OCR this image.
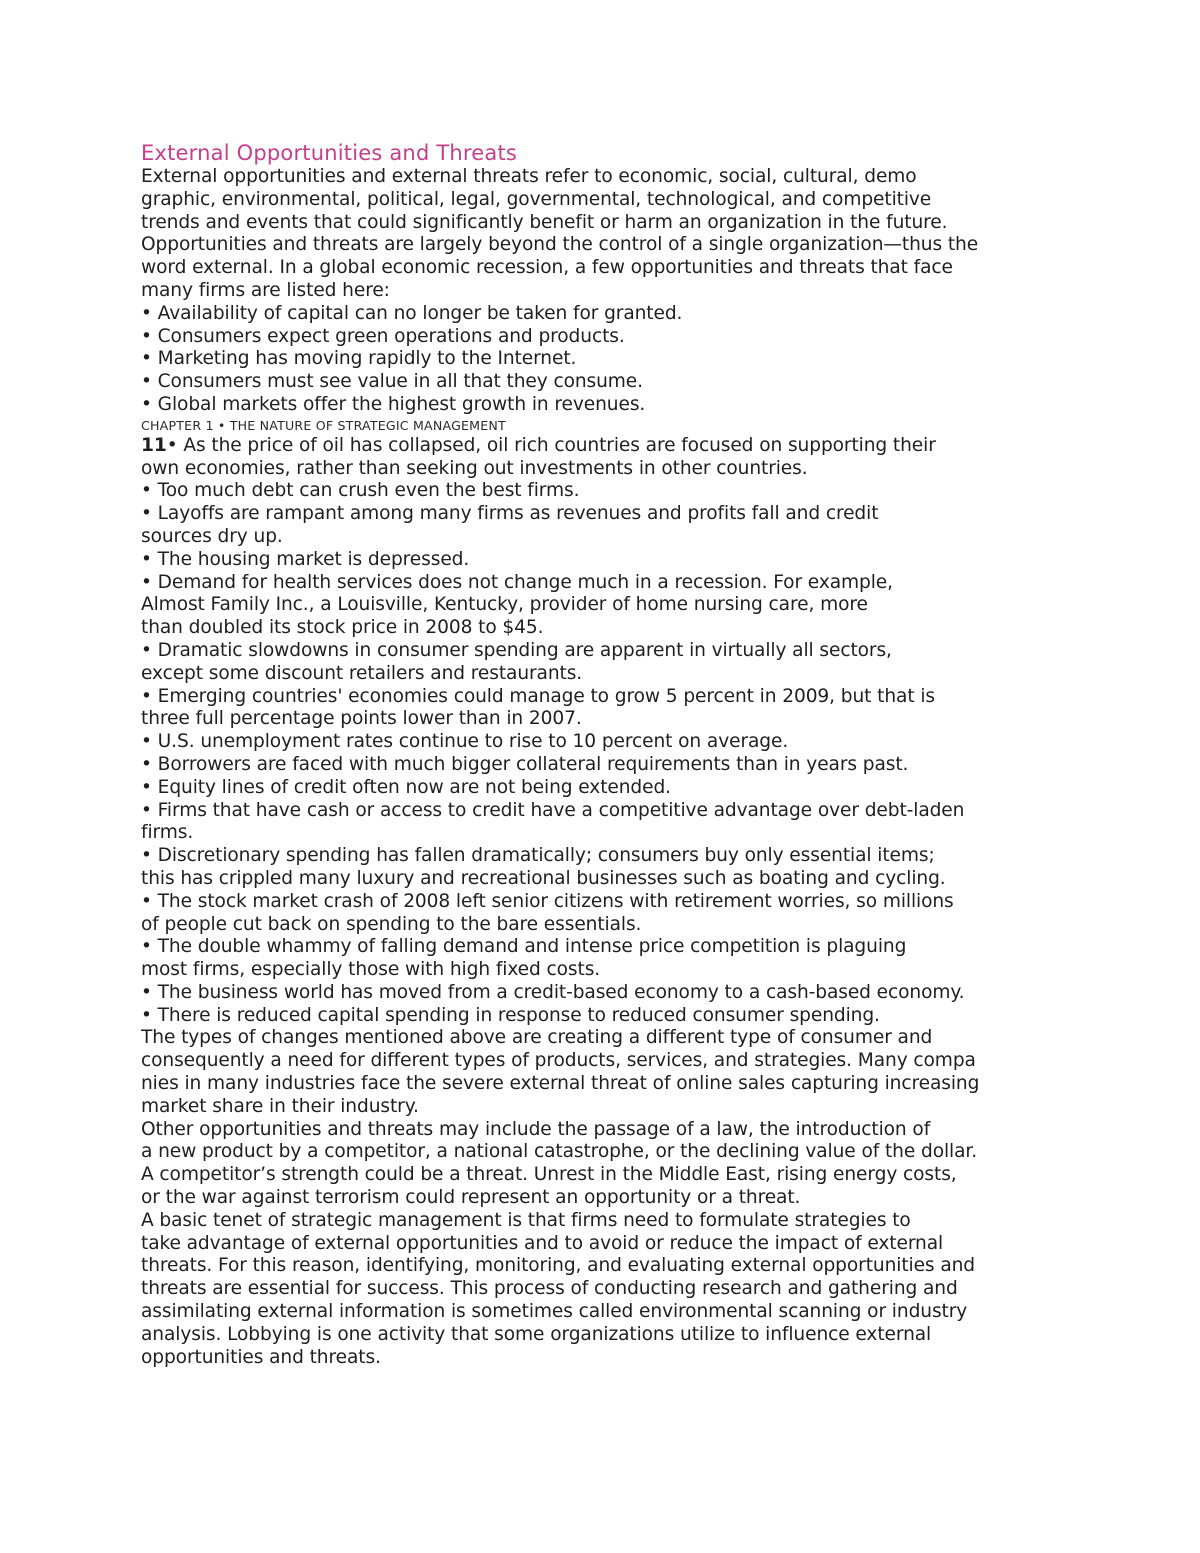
External Opportunities and Threats
External opportunities and external threats refer to economic, social, cultural, demo
graphic, environmental, political, legal, governmental, technological, and competitive
trends and events that could significantly benefit or harm an organization in the future.
Opportunities and threats are largely beyond the control of a single organization—thus the
word external. In a global economic recession, a few opportunities and threats that face
many firms are listed here:
• Availability of capital can no longer be taken for granted.
• Consumers expect green operations and products.
• Marketing has moving rapidly to the Internet.
• Consumers must see value in all that they consume.
• Global markets offer the highest growth in revenues.
CHAPTER 1 • THE NATURE OF STRATEGIC MANAGEMENT
11• As the price of oil has collapsed, oil rich countries are focused on supporting their
own economies, rather than seeking out investments in other countries.
• Too much debt can crush even the best firms.
• Layoffs are rampant among many firms as revenues and profits fall and credit
sources dry up.
• The housing market is depressed.
• Demand for health services does not change much in a recession. For example,
Almost Family Inc., a Louisville, Kentucky, provider of home nursing care, more
than doubled its stock price in 2008 to $45.
• Dramatic slowdowns in consumer spending are apparent in virtually all sectors,
except some discount retailers and restaurants.
• Emerging countries' economies could manage to grow 5 percent in 2009, but that is
three full percentage points lower than in 2007.
• U.S. unemployment rates continue to rise to 10 percent on average.
• Borrowers are faced with much bigger collateral requirements than in years past.
• Equity lines of credit often now are not being extended.
• Firms that have cash or access to credit have a competitive advantage over debt-laden
firms.
• Discretionary spending has fallen dramatically; consumers buy only essential items;
this has crippled many luxury and recreational businesses such as boating and cycling.
• The stock market crash of 2008 left senior citizens with retirement worries, so millions
of people cut back on spending to the bare essentials.
• The double whammy of falling demand and intense price competition is plaguing
most firms, especially those with high fixed costs.
• The business world has moved from a credit-based economy to a cash-based economy.
• There is reduced capital spending in response to reduced consumer spending.
The types of changes mentioned above are creating a different type of consumer and
consequently a need for different types of products, services, and strategies. Many compa
nies in many industries face the severe external threat of online sales capturing increasing
market share in their industry.
Other opportunities and threats may include the passage of a law, the introduction of
a new product by a competitor, a national catastrophe, or the declining value of the dollar.
A competitor’s strength could be a threat. Unrest in the Middle East, rising energy costs,
or the war against terrorism could represent an opportunity or a threat.
A basic tenet of strategic management is that firms need to formulate strategies to
take advantage of external opportunities and to avoid or reduce the impact of external
threats. For this reason, identifying, monitoring, and evaluating external opportunities and
threats are essential for success. This process of conducting research and gathering and
assimilating external information is sometimes called environmental scanning or industry
analysis. Lobbying is one activity that some organizations utilize to influence external
opportunities and threats.
